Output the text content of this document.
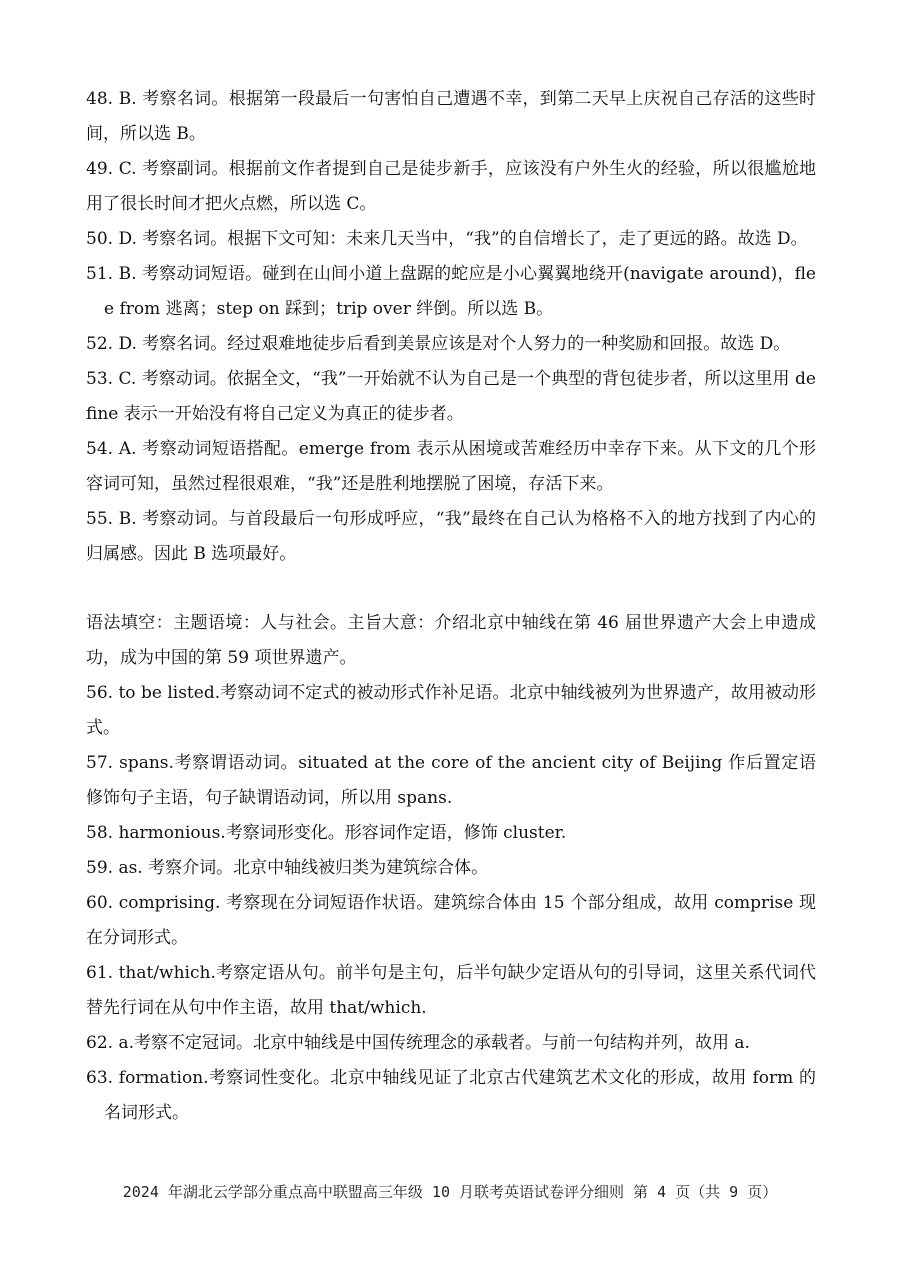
48. B. 考察名词。根据第一段最后一句害怕自己遭遇不幸，到第二天早上庆祝自己存活的这些时间，所以选 B。

49. C. 考察副词。根据前文作者提到自己是徒步新手，应该没有户外生火的经验，所以很尴尬地用了很长时间才把火点燃，所以选 C。

50. D. 考察名词。根据下文可知：未来几天当中，“我”的自信增长了，走了更远的路。故选 D。

51. B. 考察动词短语。碰到在山间小道上盘踞的蛇应是小心翼翼地绕开(navigate around)，flee from 逃离；step on 踩到；trip over 绊倒。所以选 B。

52. D. 考察名词。经过艰难地徒步后看到美景应该是对个人努力的一种奖励和回报。故选 D。

53. C. 考察动词。依据全文，“我”一开始就不认为自己是一个典型的背包徒步者，所以这里用 define 表示一开始没有将自己定义为真正的徒步者。

54. A. 考察动词短语搭配。emerge from 表示从困境或苦难经历中幸存下来。从下文的几个形容词可知，虽然过程很艰难，“我”还是胜利地摆脱了困境，存活下来。

55. B. 考察动词。与首段最后一句形成呼应，“我”最终在自己认为格格不入的地方找到了内心的归属感。因此 B 选项最好。

语法填空：主题语境：人与社会。主旨大意：介绍北京中轴线在第 46 届世界遗产大会上申遗成功，成为中国的第 59 项世界遗产。

56. to be listed.考察动词不定式的被动形式作补足语。北京中轴线被列为世界遗产，故用被动形式。

57. spans.考察谓语动词。situated at the core of the ancient city of Beijing 作后置定语修饰句子主语，句子缺谓语动词，所以用 spans.

58. harmonious.考察词形变化。形容词作定语，修饰 cluster.

59. as. 考察介词。北京中轴线被归类为建筑综合体。

60. comprising. 考察现在分词短语作状语。建筑综合体由 15 个部分组成，故用 comprise 现在分词形式。

61. that/which.考察定语从句。前半句是主句，后半句缺少定语从句的引导词，这里关系代词代替先行词在从句中作主语，故用 that/which.

62. a.考察不定冠词。北京中轴线是中国传统理念的承载者。与前一句结构并列，故用 a.

63. formation.考察词性变化。北京中轴线见证了北京古代建筑艺术文化的形成，故用 form 的名词形式。

2024 年湖北云学部分重点高中联盟高三年级 10 月联考英语试卷评分细则 第 4 页（共 9 页）
